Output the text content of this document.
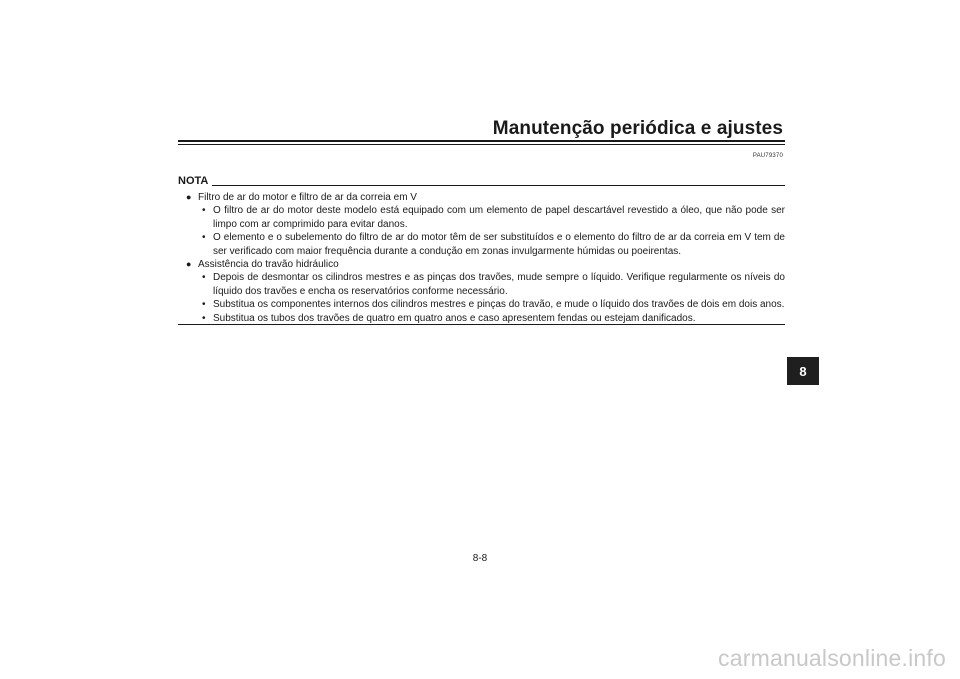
Manutenção periódica e ajustes
PAU79370
NOTA
● Filtro de ar do motor e filtro de ar da correia em V
• O filtro de ar do motor deste modelo está equipado com um elemento de papel descartável revestido a óleo, que não pode ser limpo com ar comprimido para evitar danos.
• O elemento e o subelemento do filtro de ar do motor têm de ser substituídos e o elemento do filtro de ar da correia em V tem de ser verificado com maior frequência durante a condução em zonas invulgarmente húmidas ou poeirentas.
● Assistência do travão hidráulico
• Depois de desmontar os cilindros mestres e as pinças dos travões, mude sempre o líquido. Verifique regularmente os níveis do líquido dos travões e encha os reservatórios conforme necessário.
• Substitua os componentes internos dos cilindros mestres e pinças do travão, e mude o líquido dos travões de dois em dois anos.
• Substitua os tubos dos travões de quatro em quatro anos e caso apresentem fendas ou estejam danificados.
8-8
8
carmanualsonline.info
